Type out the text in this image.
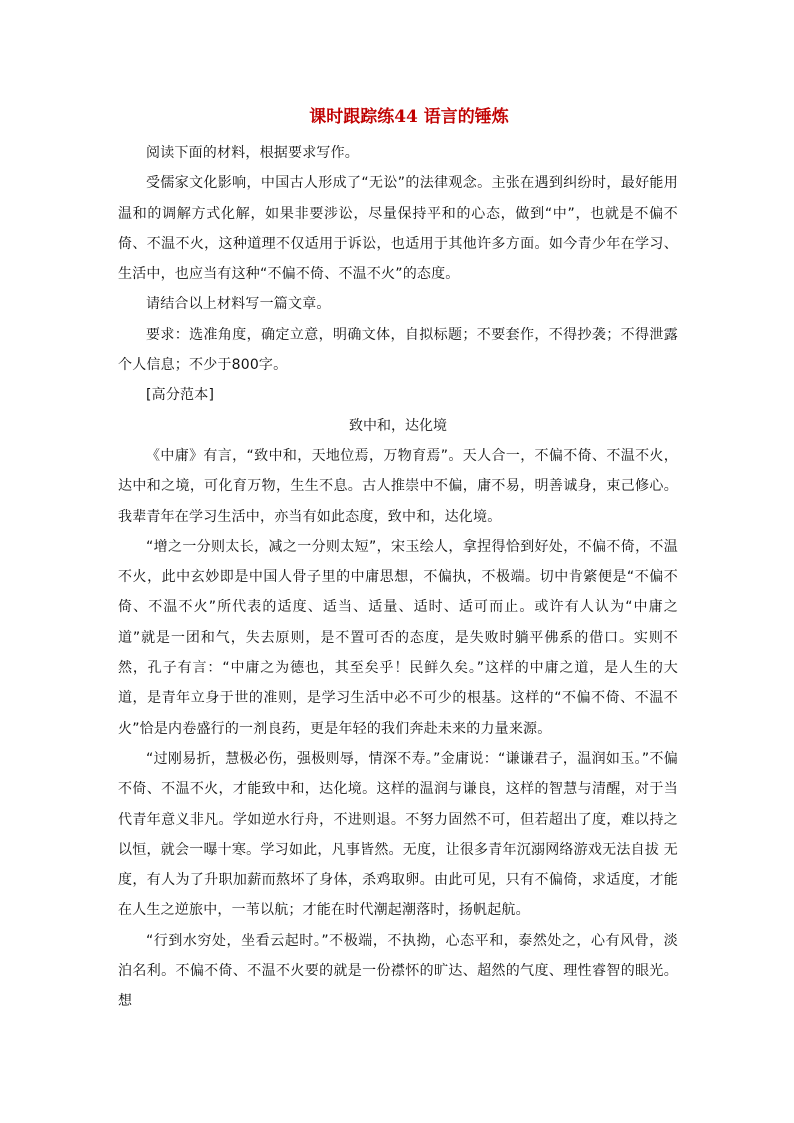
课时跟踪练44 语言的锤炼

阅读下面的材料，根据要求写作。

受儒家文化影响，中国古人形成了“无讼”的法律观念。主张在遇到纠纷时，最好能用温和的调解方式化解，如果非要涉讼，尽量保持平和的心态，做到“中”，也就是不偏不倚、不温不火，这种道理不仅适用于诉讼，也适用于其他许多方面。如今青少年在学习、生活中，也应当有这种“不偏不倚、不温不火”的态度。

请结合以上材料写一篇文章。

要求：选准角度，确定立意，明确文体，自拟标题；不要套作，不得抄袭；不得泄露个人信息；不少于800字。

[高分范本]

致中和，达化境

《中庸》有言，“致中和，天地位焉，万物育焉”。天人合一，不偏不倚、不温不火，达中和之境，可化育万物，生生不息。古人推崇中不偏，庸不易，明善诚身，束己修心。我辈青年在学习生活中，亦当有如此态度，致中和，达化境。

“增之一分则太长，减之一分则太短”，宋玉绘人，拿捏得恰到好处，不偏不倚，不温不火，此中玄妙即是中国人骨子里的中庸思想，不偏执，不极端。切中肯綮便是“不偏不倚、不温不火”所代表的适度、适当、适量、适时、适可而止。或许有人认为“中庸之道”就是一团和气，失去原则，是不置可否的态度，是失败时躺平佛系的借口。实则不然，孔子有言：“中庸之为德也，其至矣乎！民鲜久矣。”这样的中庸之道，是人生的大道，是青年立身于世的准则，是学习生活中必不可少的根基。这样的“不偏不倚、不温不火”恰是内卷盛行的一剂良药，更是年轻的我们奔赴未来的力量来源。

“过刚易折，慧极必伤，强极则辱，情深不寿。”金庸说：“谦谦君子，温润如玉。”不偏不倚、不温不火，才能致中和，达化境。这样的温润与谦良，这样的智慧与清醒，对于当代青年意义非凡。学如逆水行舟，不进则退。不努力固然不可，但若超出了度，难以持之以恒，就会一曝十寒。学习如此，凡事皆然。无度，让很多青年沉溺网络游戏无法自拔 无度，有人为了升职加薪而熬坏了身体，杀鸡取卵。由此可见，只有不偏倚，求适度，才能在人生之逆旅中，一苇以航；才能在时代潮起潮落时，扬帆起航。

“行到水穷处，坐看云起时。”不极端，不执拗，心态平和，泰然处之，心有风骨，淡泊名利。不偏不倚、不温不火要的就是一份襟怀的旷达、超然的气度、理性睿智的眼光。想
